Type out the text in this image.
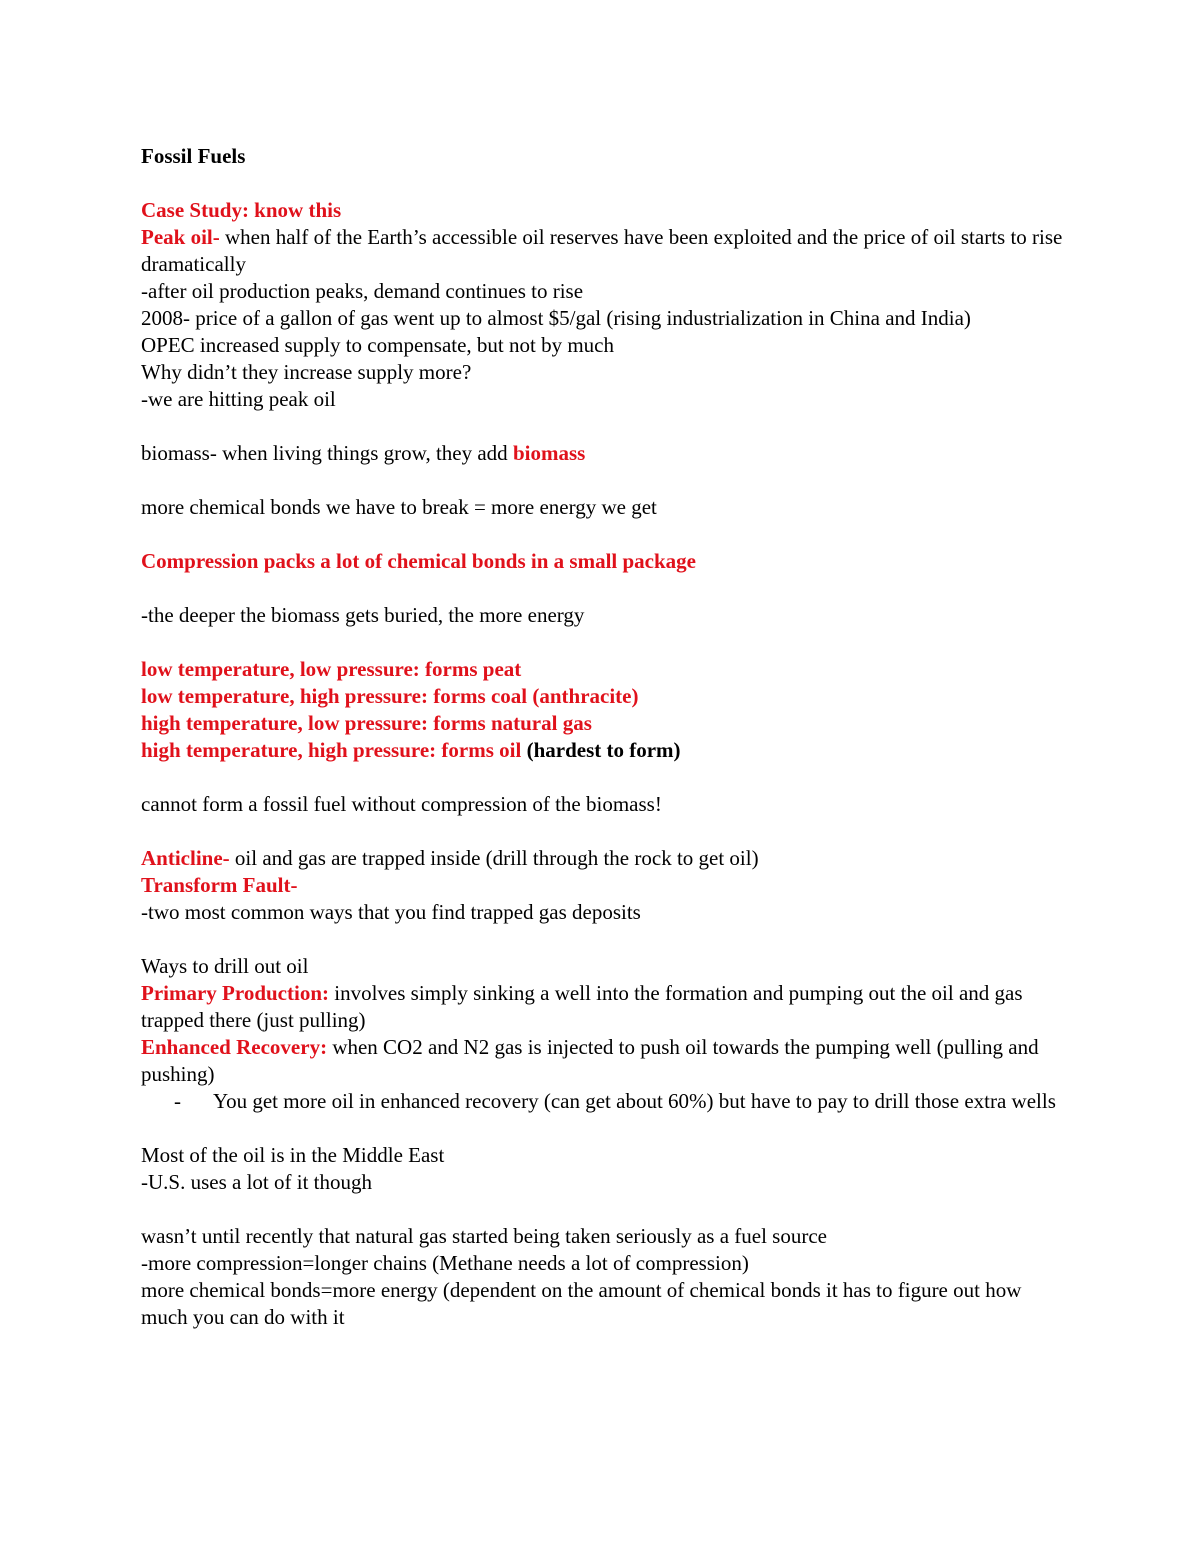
Fossil Fuels
Case Study: know this
Peak oil- when half of the Earth’s accessible oil reserves have been exploited and the price of oil starts to rise dramatically
-after oil production peaks, demand continues to rise
2008- price of a gallon of gas went up to almost $5/gal (rising industrialization in China and India)
OPEC increased supply to compensate, but not by much
Why didn’t they increase supply more?
-we are hitting peak oil
biomass- when living things grow, they add biomass
more chemical bonds we have to break = more energy we get
Compression packs a lot of chemical bonds in a small package
-the deeper the biomass gets buried, the more energy
low temperature, low pressure: forms peat
low temperature, high pressure: forms coal (anthracite)
high temperature, low pressure: forms natural gas
high temperature, high pressure: forms oil (hardest to form)
cannot form a fossil fuel without compression of the biomass!
Anticline- oil and gas are trapped inside (drill through the rock to get oil)
Transform Fault-
-two most common ways that you find trapped gas deposits
Ways to drill out oil
Primary Production: involves simply sinking a well into the formation and pumping out the oil and gas trapped there (just pulling)
Enhanced Recovery: when CO2 and N2 gas is injected to push oil towards the pumping well (pulling and pushing)
-	You get more oil in enhanced recovery (can get about 60%) but have to pay to drill those extra wells
Most of the oil is in the Middle East
-U.S. uses a lot of it though
wasn’t until recently that natural gas started being taken seriously as a fuel source
-more compression=longer chains (Methane needs a lot of compression)
more chemical bonds=more energy (dependent on the amount of chemical bonds it has to figure out how much you can do with it
